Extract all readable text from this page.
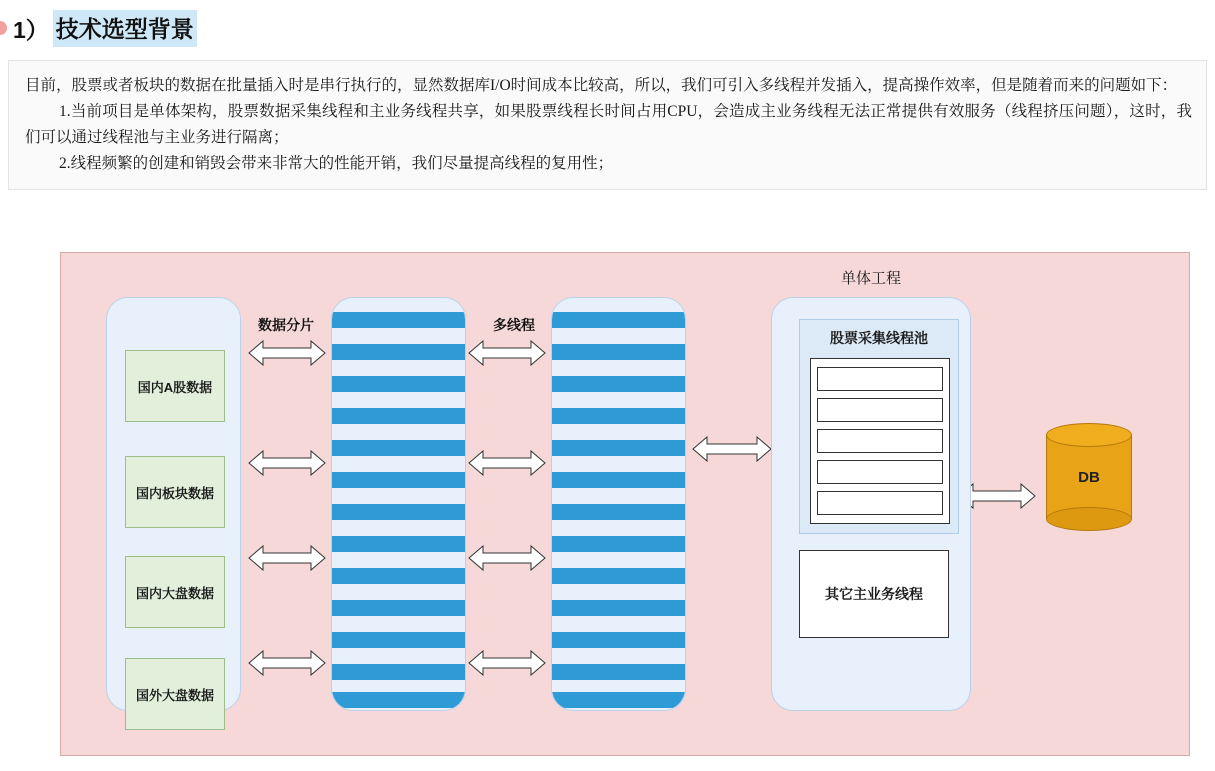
1） 技术选型背景

目前，股票或者板块的数据在批量插入时是串行执行的，显然数据库I/O时间成本比较高，所以，我们可引入多线程并发插入，提高操作效率，但是随着而来的问题如下：

1.当前项目是单体架构，股票数据采集线程和主业务线程共享，如果股票线程长时间占用CPU，会造成主业务线程无法正常提供有效服务（线程挤压问题），这时，我们可以通过线程池与主业务进行隔离；

2.线程频繁的创建和销毁会带来非常大的性能开销，我们尽量提高线程的复用性；

国内A股数据
国内板块数据
国内大盘数据
国外大盘数据
数据分片	多线程
单体工程
股票采集线程池
其它主业务线程
DB
